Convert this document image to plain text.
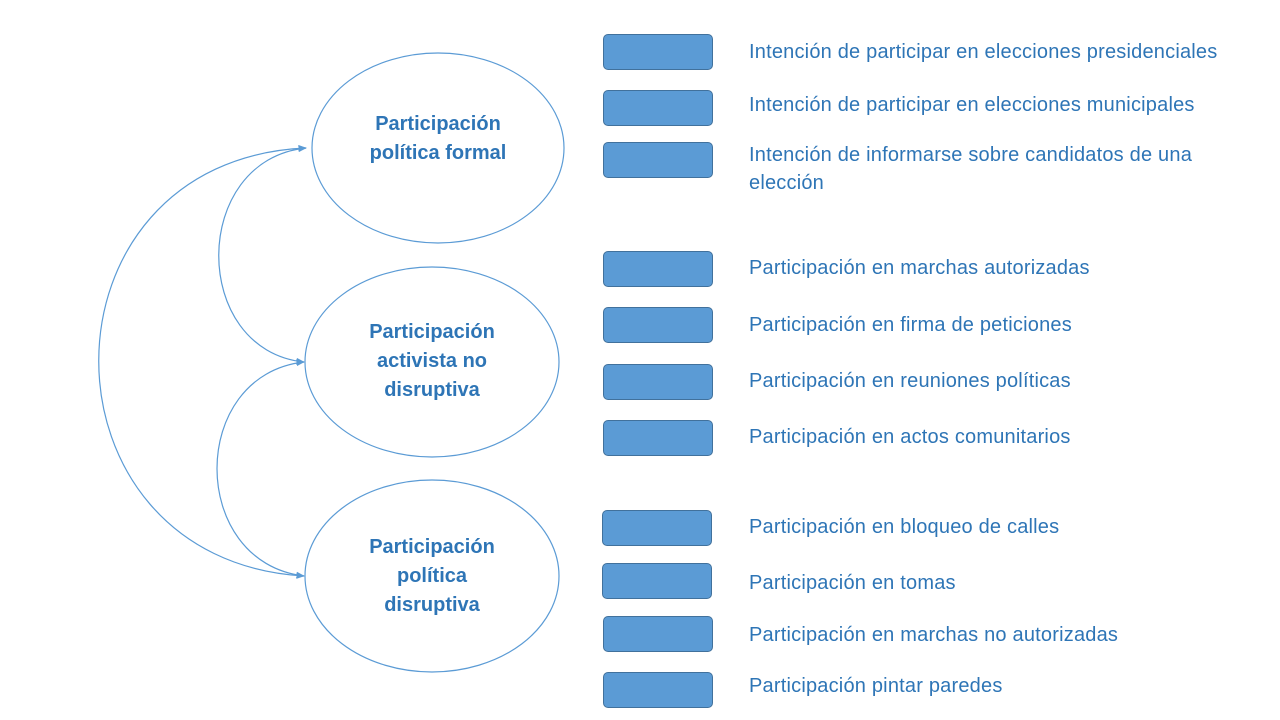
Participación política formal
Participación activista no disruptiva
Participación política disruptiva
Intención de participar en elecciones presidenciales
Intención de participar en elecciones municipales
Intención de informarse sobre candidatos de una elección
Participación en marchas autorizadas
Participación en firma de peticiones
Participación en reuniones políticas
Participación en actos comunitarios
Participación en bloqueo de calles
Participación en tomas
Participación en marchas no autorizadas
Participación pintar paredes
